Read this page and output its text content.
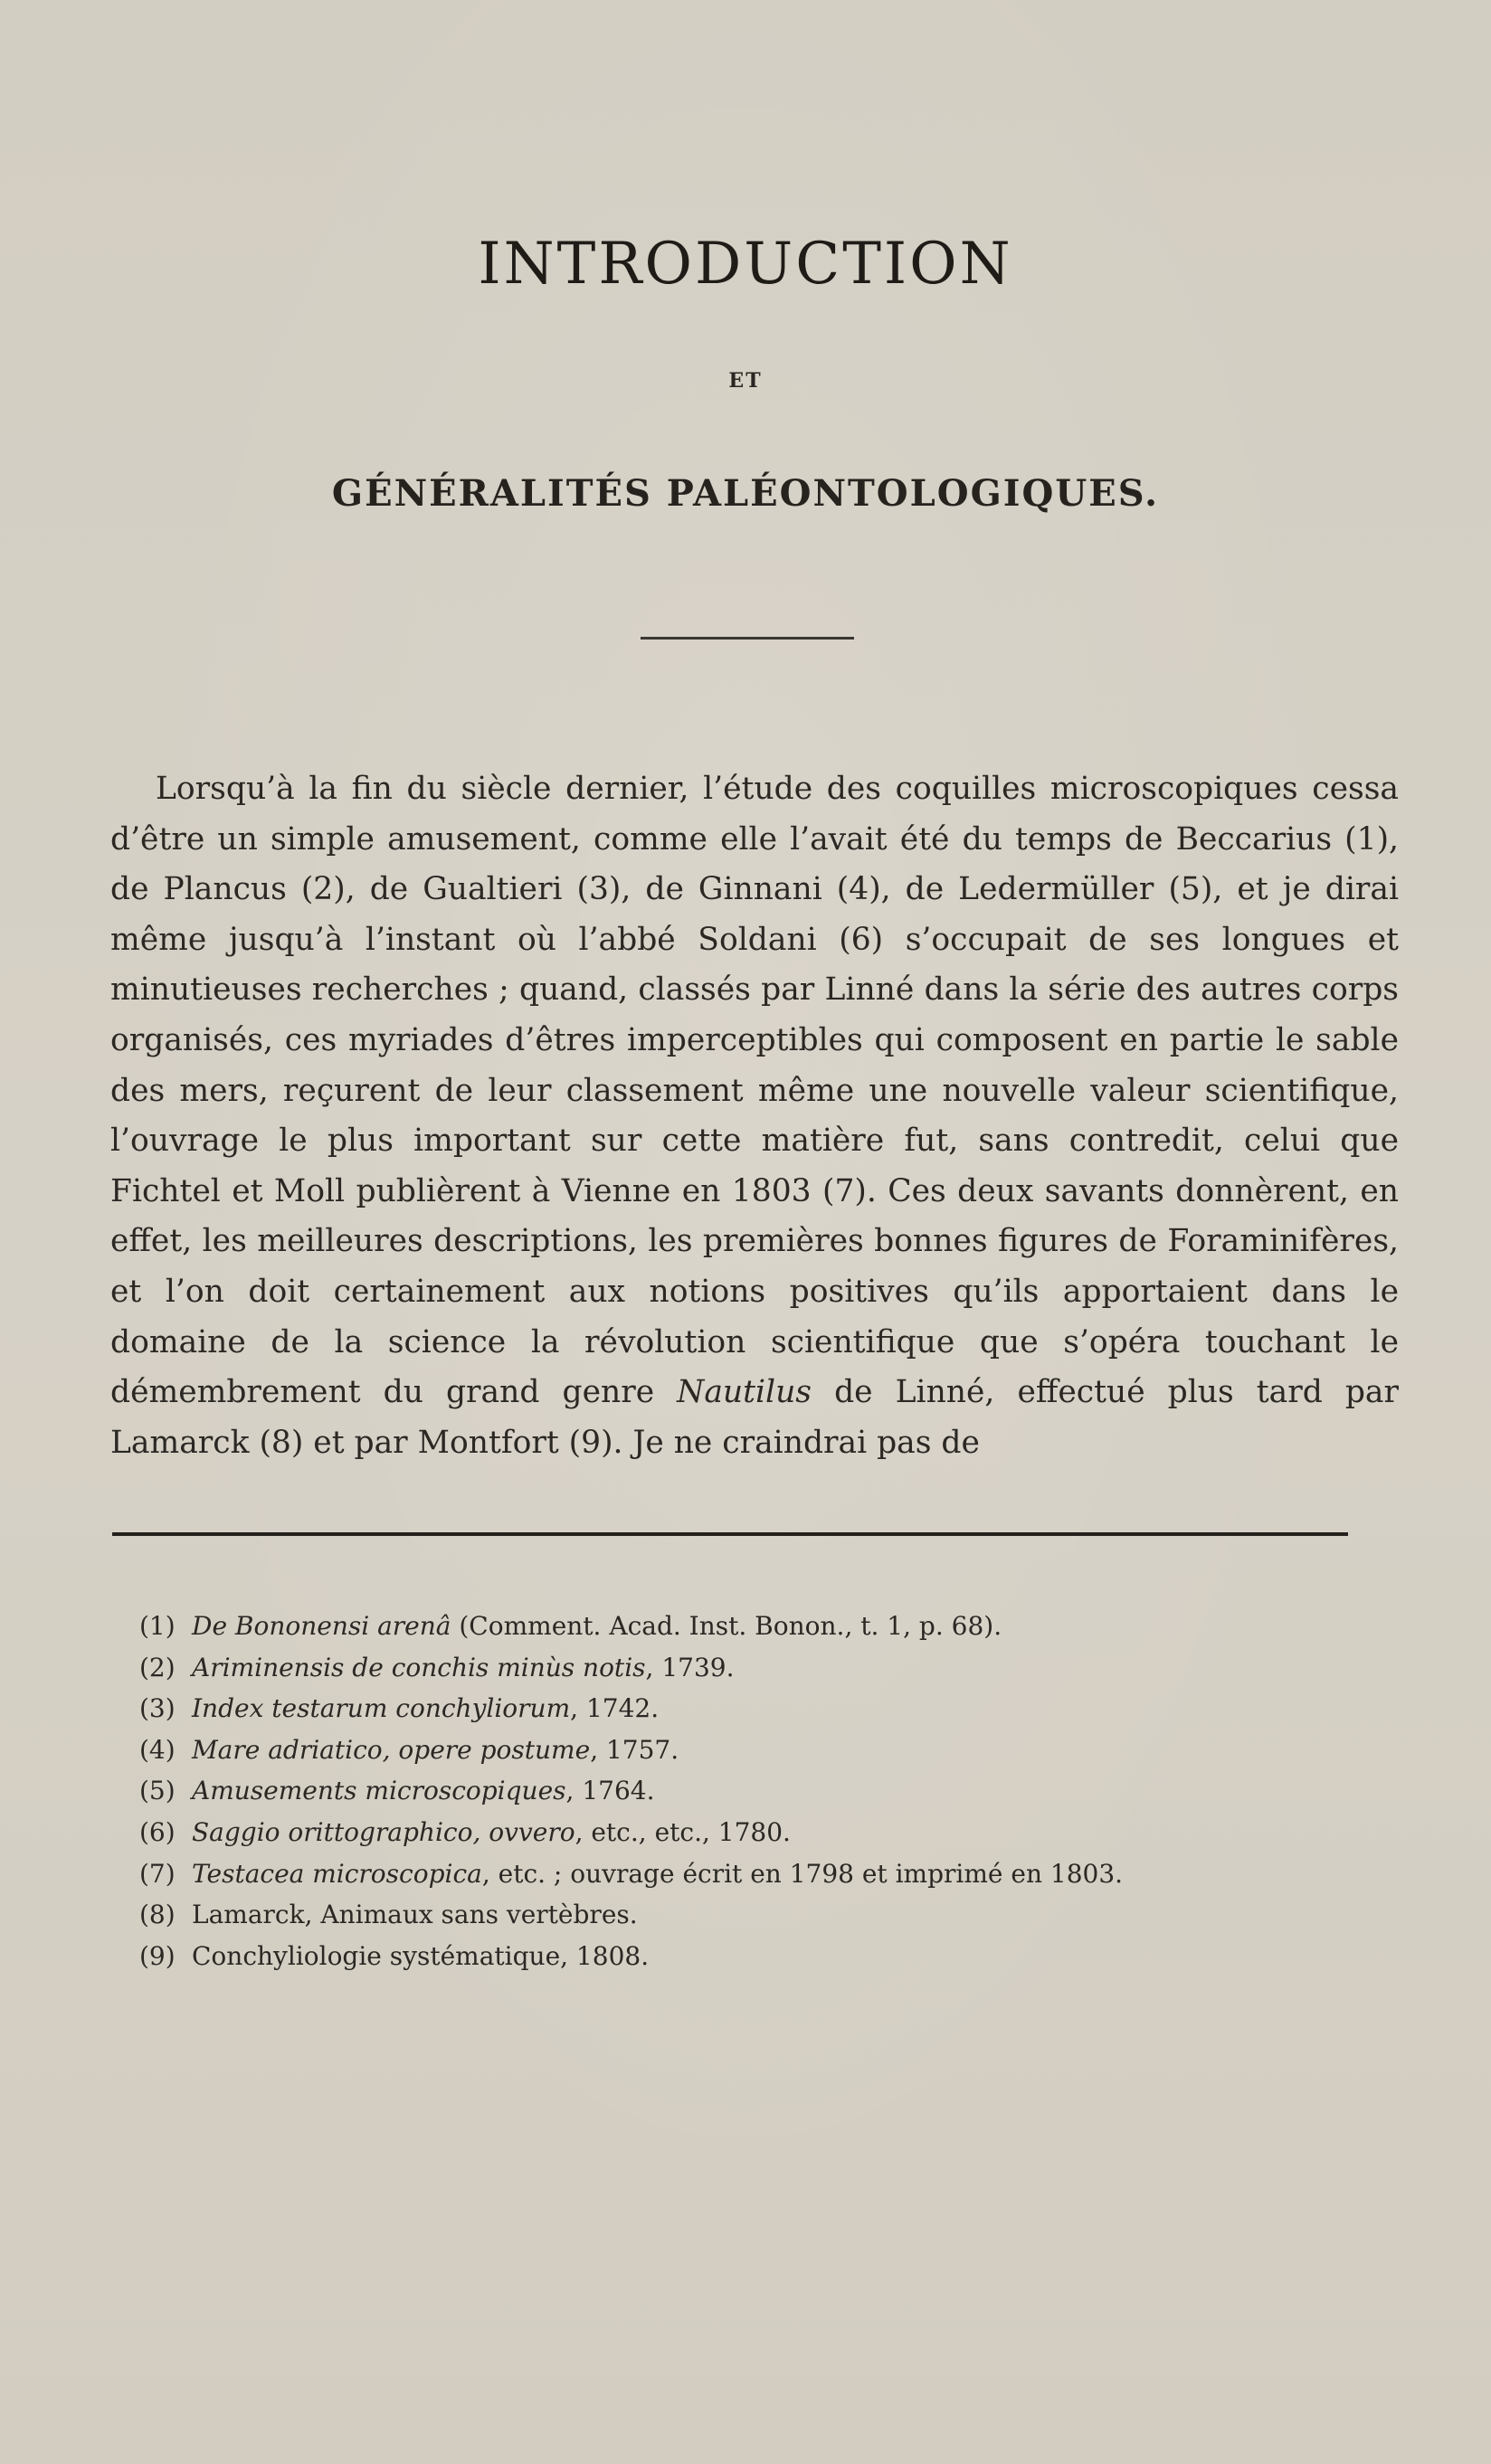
INTRODUCTION
ET
GÉNÉRALITÉS PALÉONTOLOGIQUES.

Lorsqu’à la fin du siècle dernier, l’étude des coquilles microscopiques cessa d’être un simple amusement, comme elle l’avait été du temps de Beccarius (1), de Plancus (2), de Gualtieri (3), de Ginnani (4), de Ledermüller (5), et je dirai même jusqu’à l’instant où l’abbé Soldani (6) s’occupait de ses longues et minutieuses recherches ; quand, classés par Linné dans la série des autres corps organisés, ces myriades d’êtres imperceptibles qui composent en partie le sable des mers, reçurent de leur classement même une nouvelle valeur scientifique, l’ouvrage le plus important sur cette matière fut, sans contredit, celui que Fichtel et Moll publièrent à Vienne en 1803 (7). Ces deux savants donnèrent, en effet, les meilleures descriptions, les premières bonnes figures de Foraminifères, et l’on doit certainement aux notions positives qu’ils apportaient dans le domaine de la science la révolution scientifique que s’opéra touchant le démembrement du grand genre Nautilus de Linné, effectué plus tard par Lamarck (8) et par Montfort (9). Je ne craindrai pas de

(1) De Bononensi arenâ (Comment. Acad. Inst. Bonon., t. 1, p. 68).
(2) Ariminensis de conchis minùs notis, 1739.
(3) Index testarum conchyliorum, 1742.
(4) Mare adriatico, opere postume, 1757.
(5) Amusements microscopiques, 1764.
(6) Saggio orittographico, ovvero, etc., etc., 1780.
(7) Testacea microscopica, etc. ; ouvrage écrit en 1798 et imprimé en 1803.
(8) Lamarck, Animaux sans vertèbres.
(9) Conchyliologie systématique, 1808.
